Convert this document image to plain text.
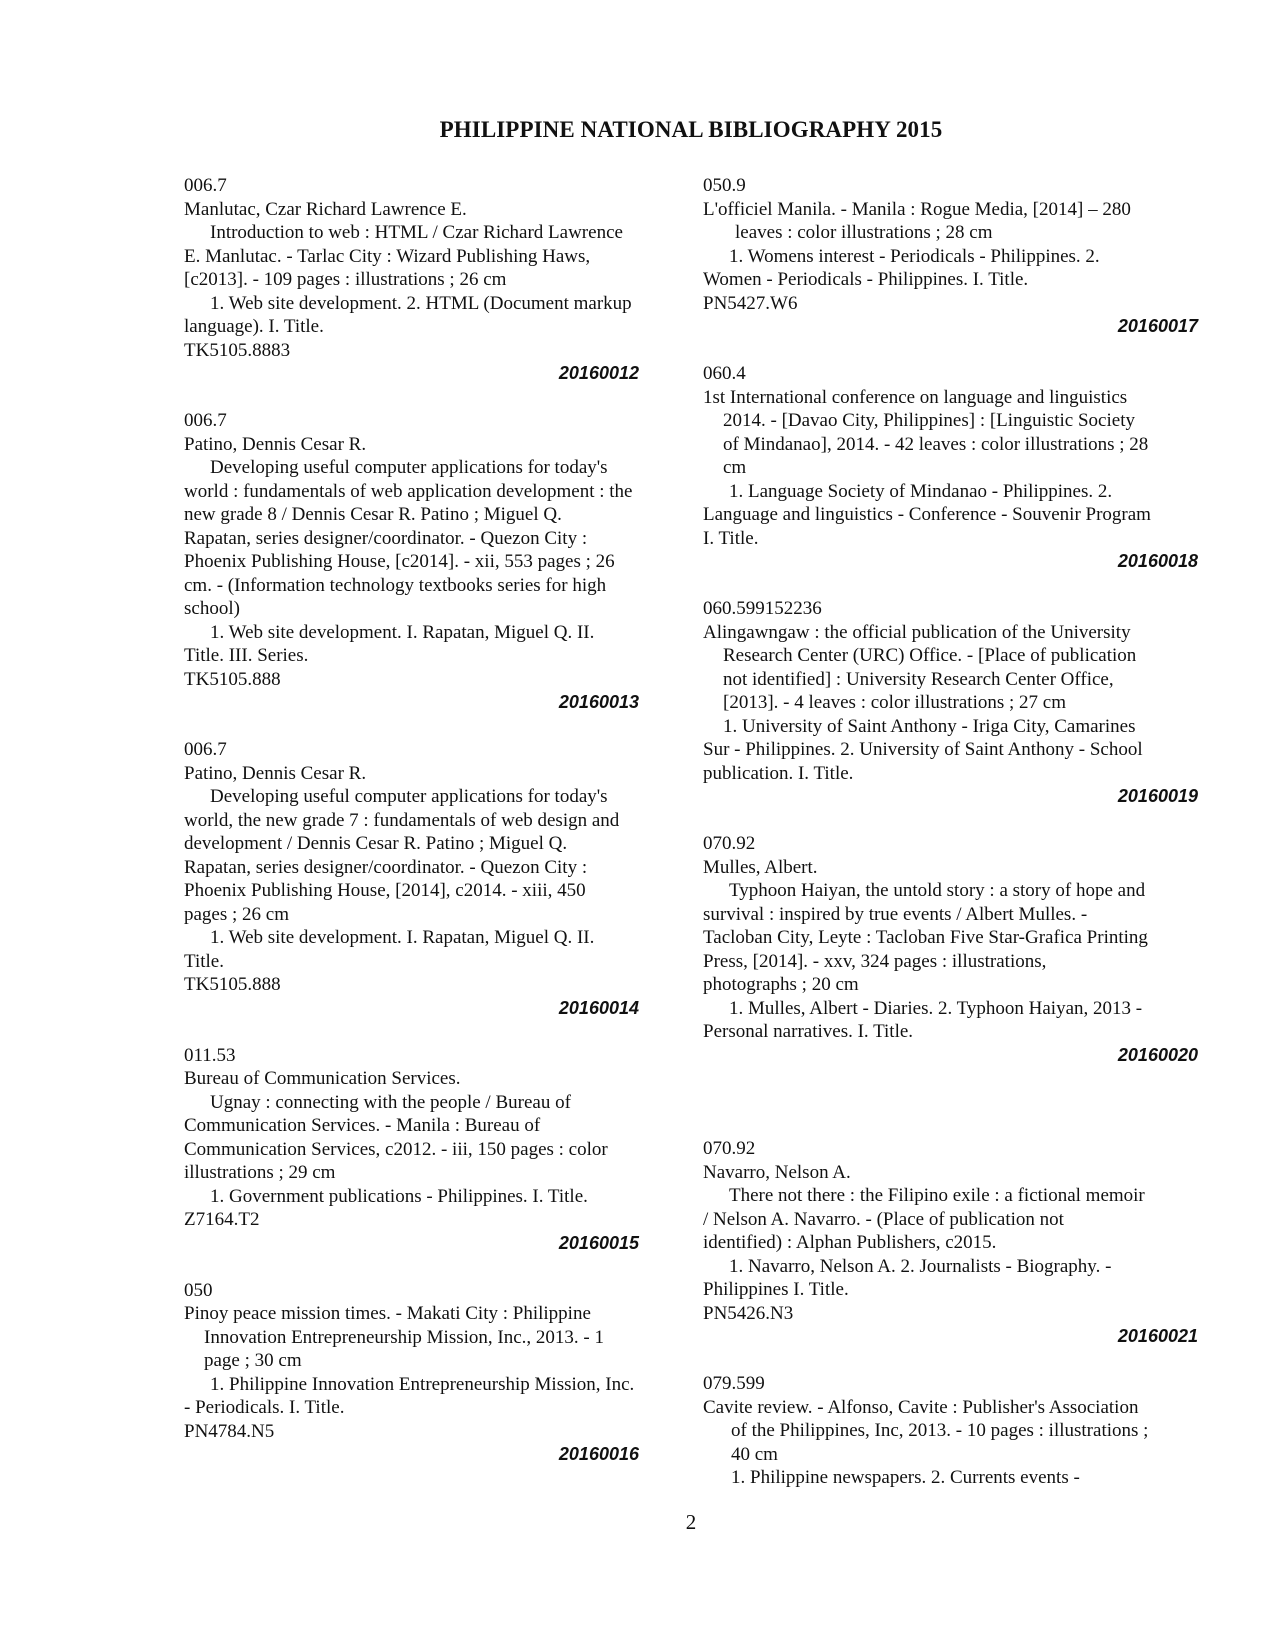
PHILIPPINE NATIONAL BIBLIOGRAPHY 2015
006.7
Manlutac, Czar Richard Lawrence E.
Introduction to web : HTML / Czar Richard Lawrence
E. Manlutac. - Tarlac City : Wizard Publishing Haws,
[c2013]. - 109 pages : illustrations ; 26 cm
1. Web site development. 2. HTML (Document markup
language). I. Title.
TK5105.8883
20160012
006.7
Patino, Dennis Cesar R.
Developing useful computer applications for today's
world : fundamentals of web application development : the
new grade 8 / Dennis Cesar R. Patino ; Miguel Q.
Rapatan, series designer/coordinator. - Quezon City :
Phoenix Publishing House, [c2014]. - xii, 553 pages ; 26
cm. - (Information technology textbooks series for high
school)
1. Web site development. I. Rapatan, Miguel Q. II.
Title. III. Series.
TK5105.888
20160013
006.7
Patino, Dennis Cesar R.
Developing useful computer applications for today's
world, the new grade 7 : fundamentals of web design and
development / Dennis Cesar R. Patino ; Miguel Q.
Rapatan, series designer/coordinator. - Quezon City :
Phoenix Publishing House, [2014], c2014. - xiii, 450
pages ; 26 cm
1. Web site development. I. Rapatan, Miguel Q. II.
Title.
TK5105.888
20160014
011.53
Bureau of Communication Services.
Ugnay : connecting with the people / Bureau of
Communication Services. - Manila : Bureau of
Communication Services, c2012. - iii, 150 pages : color
illustrations ; 29 cm
1. Government publications - Philippines. I. Title.
Z7164.T2
20160015
050
Pinoy peace mission times. - Makati City : Philippine
Innovation Entrepreneurship Mission, Inc., 2013. - 1
page ; 30 cm
1. Philippine Innovation Entrepreneurship Mission, Inc.
- Periodicals. I. Title.
PN4784.N5
20160016
050.9
L'officiel Manila. - Manila : Rogue Media, [2014] – 280
leaves : color illustrations ; 28 cm
1. Womens interest - Periodicals - Philippines. 2.
Women - Periodicals - Philippines. I. Title.
PN5427.W6
20160017
060.4
1st International conference on language and linguistics
2014. - [Davao City, Philippines] : [Linguistic Society
of Mindanao], 2014. - 42 leaves : color illustrations ; 28
cm
1. Language Society of Mindanao - Philippines. 2.
Language and linguistics - Conference - Souvenir Program
I. Title.
20160018
060.599152236
Alingawngaw : the official publication of the University
Research Center (URC) Office. - [Place of publication
not identified] : University Research Center Office,
[2013]. - 4 leaves : color illustrations ; 27 cm
1. University of Saint Anthony - Iriga City, Camarines
Sur - Philippines. 2. University of Saint Anthony - School
publication. I. Title.
20160019
070.92
Mulles, Albert.
Typhoon Haiyan, the untold story : a story of hope and
survival : inspired by true events / Albert Mulles. -
Tacloban City, Leyte : Tacloban Five Star-Grafica Printing
Press, [2014]. - xxv, 324 pages : illustrations,
photographs ; 20 cm
1. Mulles, Albert - Diaries. 2. Typhoon Haiyan, 2013 -
Personal narratives. I. Title.
20160020
070.92
Navarro, Nelson A.
There not there : the Filipino exile : a fictional memoir
/ Nelson A. Navarro. - (Place of publication not
identified) : Alphan Publishers, c2015.
1. Navarro, Nelson A. 2. Journalists - Biography. -
Philippines I. Title.
PN5426.N3
20160021
079.599
Cavite review. - Alfonso, Cavite : Publisher's Association
of the Philippines, Inc, 2013. - 10 pages : illustrations ;
40 cm
1. Philippine newspapers. 2. Currents events -
2
